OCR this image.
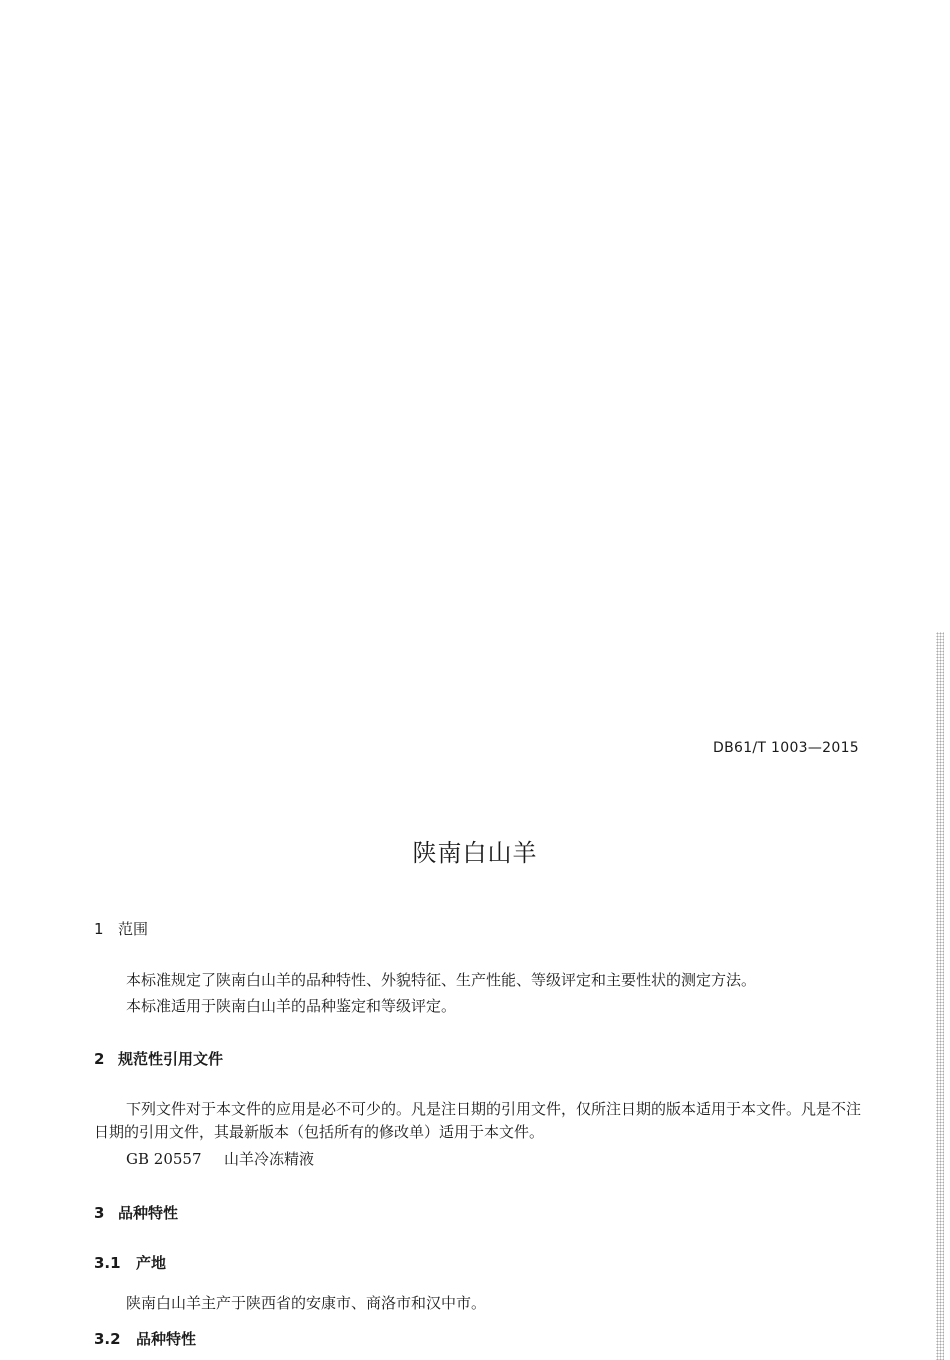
DB61/T 1003—2015
陕南白山羊
1 范围
本标准规定了陕南白山羊的品种特性、外貌特征、生产性能、等级评定和主要性状的测定方法。
本标准适用于陕南白山羊的品种鉴定和等级评定。
2 规范性引用文件
下列文件对于本文件的应用是必不可少的。凡是注日期的引用文件，仅所注日期的版本适用于本文件。凡是不注日期的引用文件，其最新版本（包括所有的修改单）适用于本文件。
GB 20557 山羊冷冻精液
3 品种特性
3.1 产地
陕南白山羊主产于陕西省的安康市、商洛市和汉中市。
3.2 品种特性
